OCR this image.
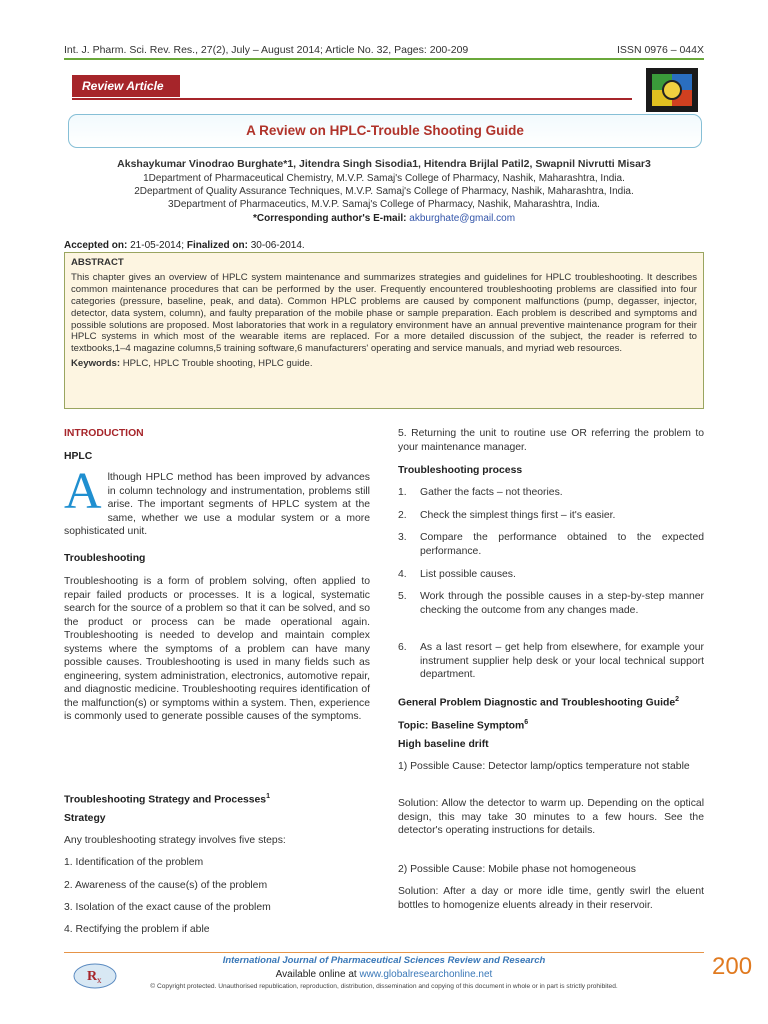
Int. J. Pharm. Sci. Rev. Res., 27(2), July – August 2014; Article No. 32, Pages: 200-209	ISSN 0976 – 044X
Review Article
A Review on HPLC-Trouble Shooting Guide
Akshaykumar Vinodrao Burghate*1, Jitendra Singh Sisodia1, Hitendra Brijlal Patil2, Swapnil Nivrutti Misar3
1Department of Pharmaceutical Chemistry, M.V.P. Samaj's College of Pharmacy, Nashik, Maharashtra, India.
2Department of Quality Assurance Techniques, M.V.P. Samaj's College of Pharmacy, Nashik, Maharashtra, India.
3Department of Pharmaceutics, M.V.P. Samaj's College of Pharmacy, Nashik, Maharashtra, India.
*Corresponding author's E-mail: akburghate@gmail.com
Accepted on: 21-05-2014; Finalized on: 30-06-2014.
ABSTRACT

This chapter gives an overview of HPLC system maintenance and summarizes strategies and guidelines for HPLC troubleshooting. It describes common maintenance procedures that can be performed by the user. Frequently encountered troubleshooting problems are classified into four categories (pressure, baseline, peak, and data). Common HPLC problems are caused by component malfunctions (pump, degasser, injector, detector, data system, column), and faulty preparation of the mobile phase or sample preparation. Each problem is described and symptoms and possible solutions are proposed. Most laboratories that work in a regulatory environment have an annual preventive maintenance program for their HPLC systems in which most of the wearable items are replaced. For a more detailed discussion of the subject, the reader is referred to textbooks,1–4 magazine columns,5 training software,6 manufacturers' operating and service manuals, and myriad web resources.

Keywords: HPLC, HPLC Trouble shooting, HPLC guide.
INTRODUCTION
HPLC
A lthough HPLC method has been improved by advances in column technology and instrumentation, problems still arise. The important segments of HPLC system at the same, whether we use a modular system or a more sophisticated unit.
Troubleshooting

Troubleshooting is a form of problem solving, often applied to repair failed products or processes. It is a logical, systematic search for the source of a problem so that it can be solved, and so the product or process can be made operational again. Troubleshooting is needed to develop and maintain complex systems where the symptoms of a problem can have many possible causes. Troubleshooting is used in many fields such as engineering, system administration, electronics, automotive repair, and diagnostic medicine. Troubleshooting requires identification of the malfunction(s) or symptoms within a system. Then, experience is commonly used to generate possible causes of the symptoms.

Troubleshooting Strategy and Processes$^1$
Strategy

Any troubleshooting strategy involves five steps:

1. Identification of the problem

2. Awareness of the cause(s) of the problem

3. Isolation of the exact cause of the problem

4. Rectifying the problem if able

5. Returning the unit to routine use OR referring the problem to your maintenance manager.

Troubleshooting process
1.	Gather the facts – not theories.
2.	Check the simplest things first – it's easier.
3.	Compare the performance obtained to the expected performance.
4.	List possible causes.
5.	Work through the possible causes in a step-by-step manner checking the outcome from any changes made.
6.	As a last resort – get help from elsewhere, for example your instrument supplier help desk or your local technical support department.
General Problem Diagnostic and Troubleshooting Guide$^2$
Topic: Baseline Symptom$^6$
High baseline drift

1) Possible Cause: Detector lamp/optics temperature not stable

Solution: Allow the detector to warm up. Depending on the optical design, this may take 30 minutes to a few hours. See the detector's operating instructions for details.

2) Possible Cause: Mobile phase not homogeneous

Solution: After a day or more idle time, gently swirl the eluent bottles to homogenize eluents already in their reservoir.

R x
International Journal of Pharmaceutical Sciences Review and Research
Available online at www.globalresearchonline.net
© Copyright protected. Unauthorised republication, reproduction, distribution, dissemination and copying of this document in whole or in part is strictly prohibited.
200
